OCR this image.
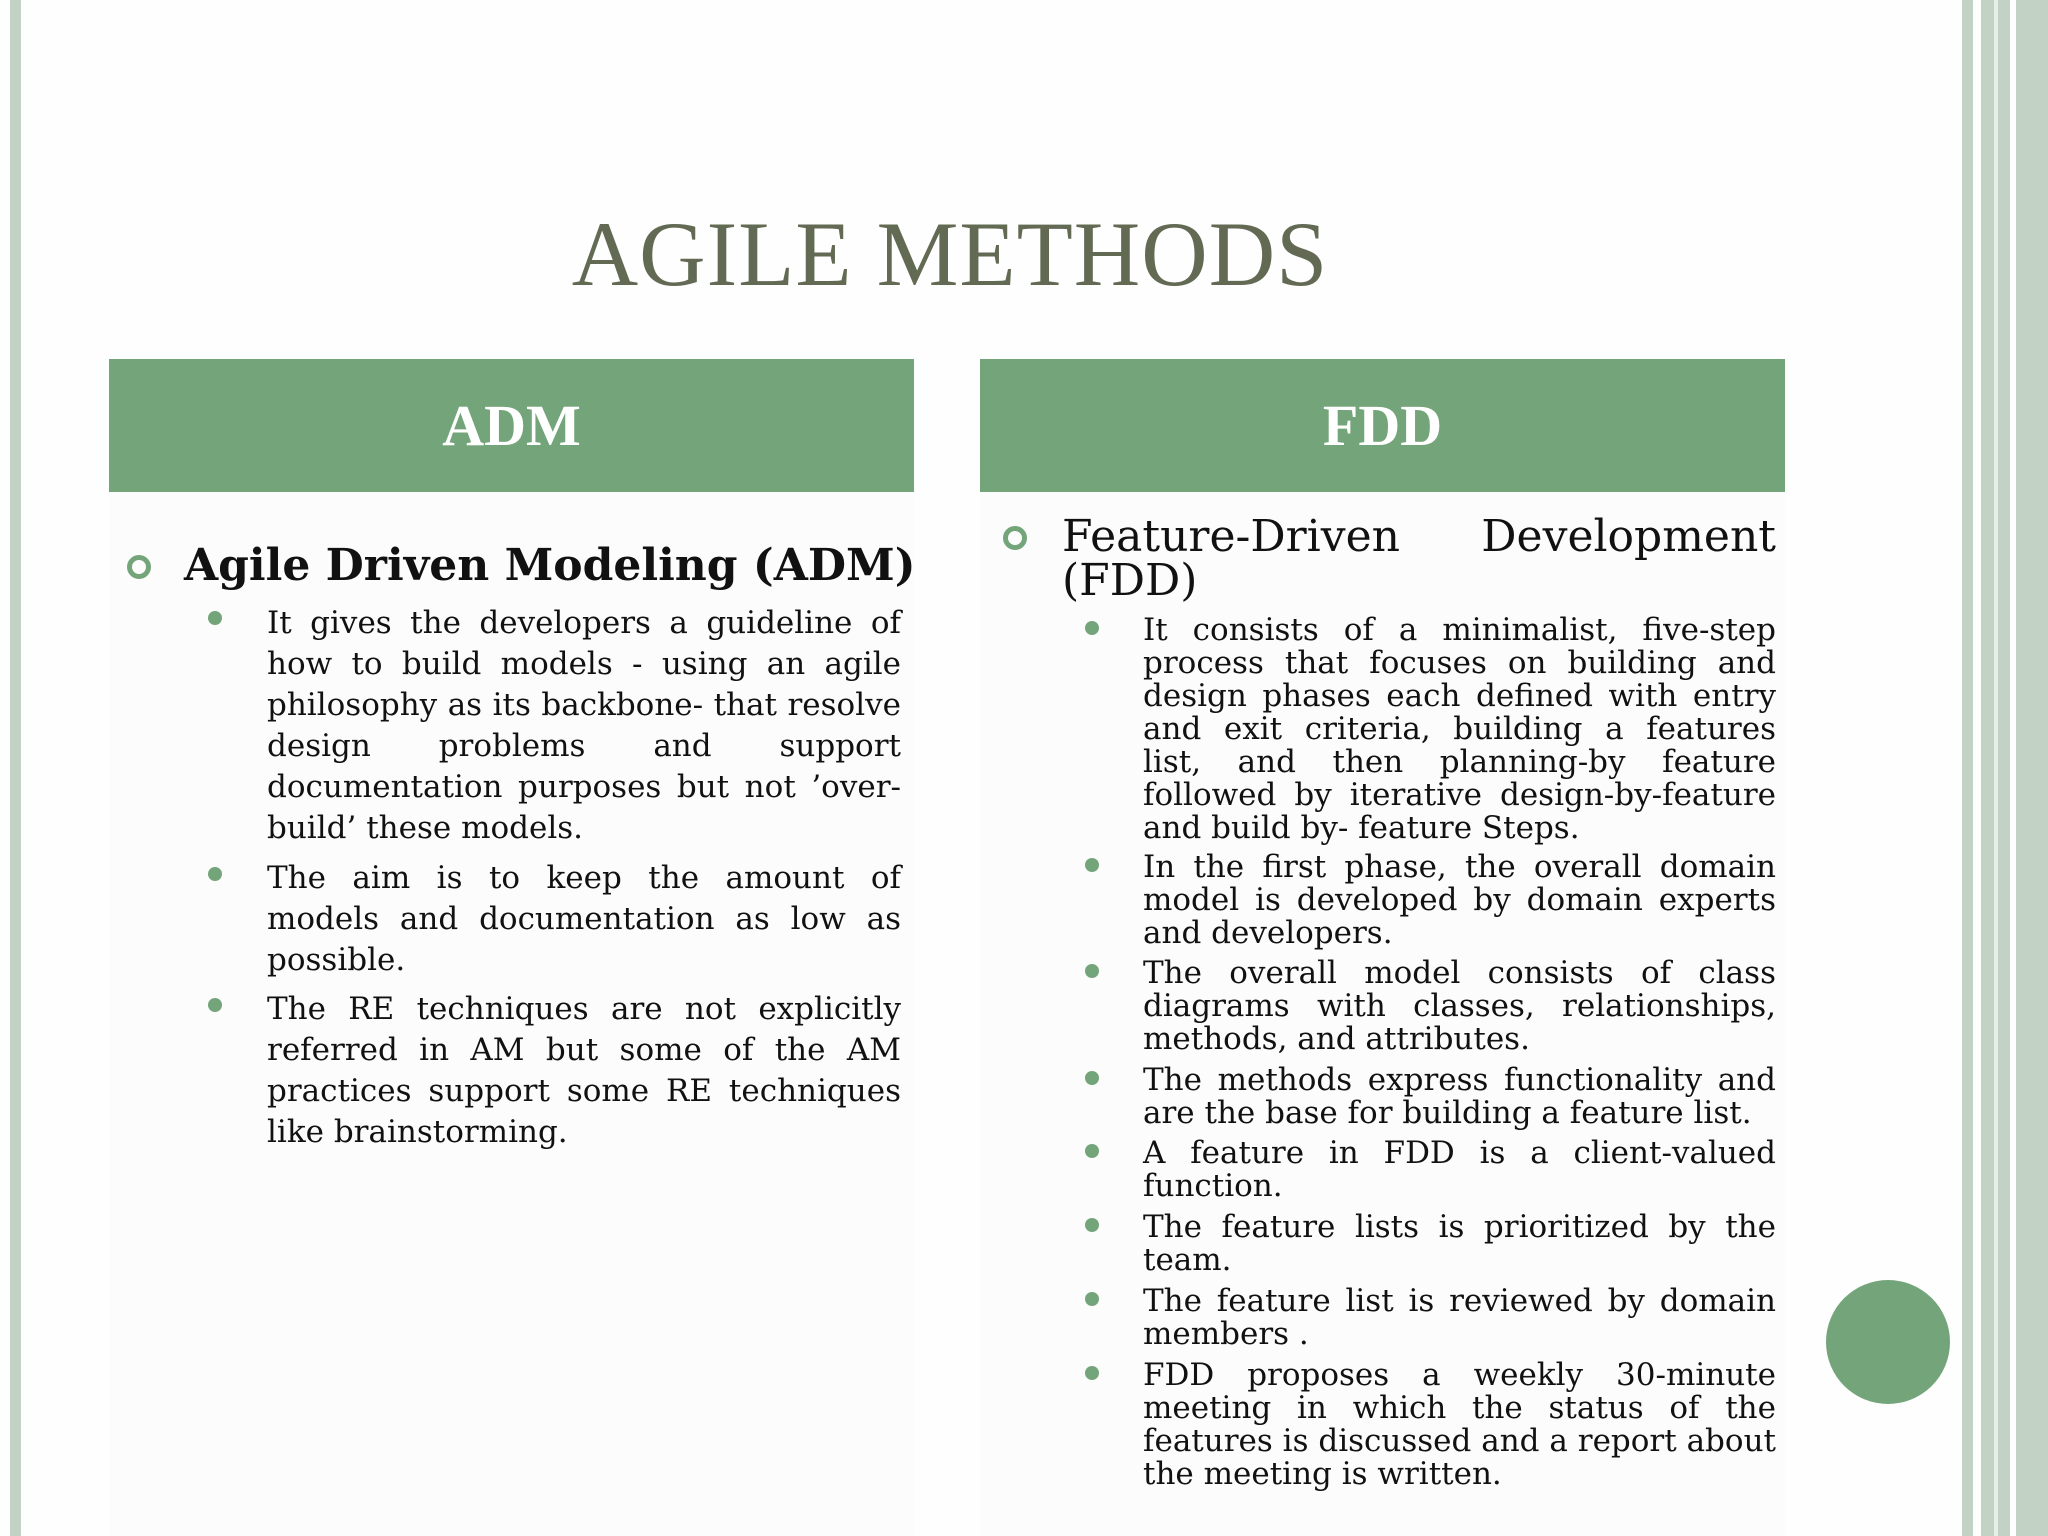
AGILE METHODS
ADM	FDD
Agile Driven Modeling (ADM)
It gives the developers a guideline of how to build models - using an agile philosophy as its backbone- that resolve design problems and support documentation purposes but not ’over-build’ these models.
The aim is to keep the amount of models and documentation as low as possible.
The RE techniques are not explicitly referred in AM but some of the AM practices support some RE techniques like brainstorming.
Feature-Driven Development (FDD)
It consists of a minimalist, five-step process that focuses on building and design phases each defined with entry and exit criteria, building a features list, and then planning-by feature followed by iterative design-by-feature and build by- feature Steps.
In the first phase, the overall domain model is developed by domain experts and developers.
The overall model consists of class diagrams with classes, relationships, methods, and attributes.
The methods express functionality and are the base for building a feature list.
A feature in FDD is a client-valued function.
The feature lists is prioritized by the team.
The feature list is reviewed by domain members .
FDD proposes a weekly 30-minute meeting in which the status of the features is discussed and a report about the meeting is written.
